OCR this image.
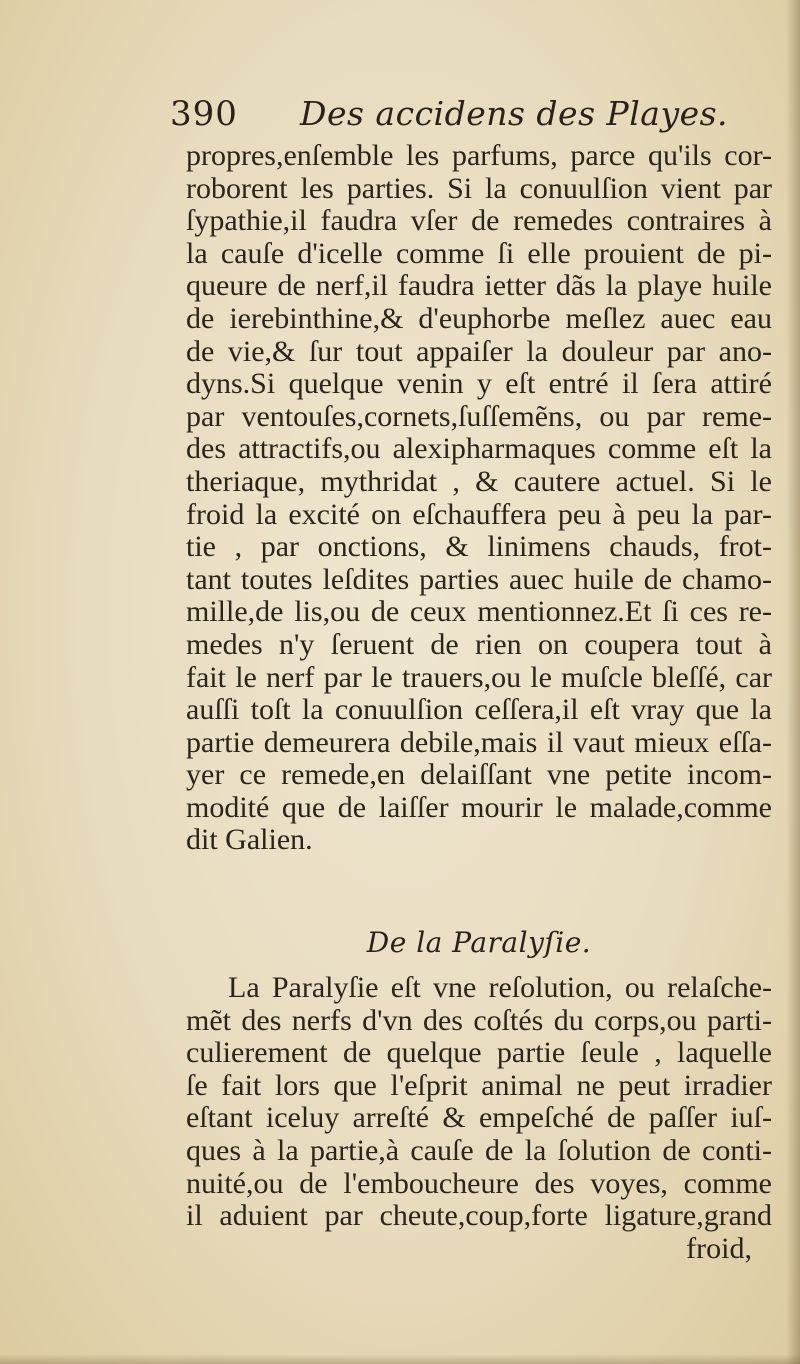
390 Des accidens des Playes.
propres,enſemble les parfums, parce qu'ils cor-
roborent les parties. Si la conuulſion vient par
ſypathie,il faudra vſer de remedes contraires à
la cauſe d'icelle comme ſi elle prouient de pi-
queure de nerf,il faudra ietter dãs la playe huile
de ierebinthine,& d'euphorbe meſlez auec eau
de vie,& ſur tout appaiſer la douleur par ano-
dyns.Si quelque venin y eſt entré il ſera attiré
par ventouſes,cornets,ſuſſemẽns, ou par reme-
des attractifs,ou alexipharmaques comme eſt la
theriaque, mythridat , & cautere actuel. Si le
froid la excité on eſchauffera peu à peu la par-
tie , par onctions, & linimens chauds, frot-
tant toutes leſdites parties auec huile de chamo-
mille,de lis,ou de ceux mentionnez.Et ſi ces re-
medes n'y ſeruent de rien on coupera tout à
fait le nerf par le trauers,ou le muſcle bleſſé, car
auſſi toſt la conuulſion ceſſera,il eſt vray que la
partie demeurera debile,mais il vaut mieux eſſa-
yer ce remede,en delaiſſant vne petite incom-
modité que de laiſſer mourir le malade,comme
dit Galien.
De la Paralyſie.
La Paralyſie eſt vne reſolution, ou relaſche-
mẽt des nerfs d'vn des coſtés du corps,ou parti-
culierement de quelque partie ſeule , laquelle
ſe fait lors que l'eſprit animal ne peut irradier
eſtant iceluy arreſté & empeſché de paſſer iuſ-
ques à la partie,à cauſe de la ſolution de conti-
nuité,ou de l'emboucheure des voyes, comme
il aduient par cheute,coup,forte ligature,grand
froid,
